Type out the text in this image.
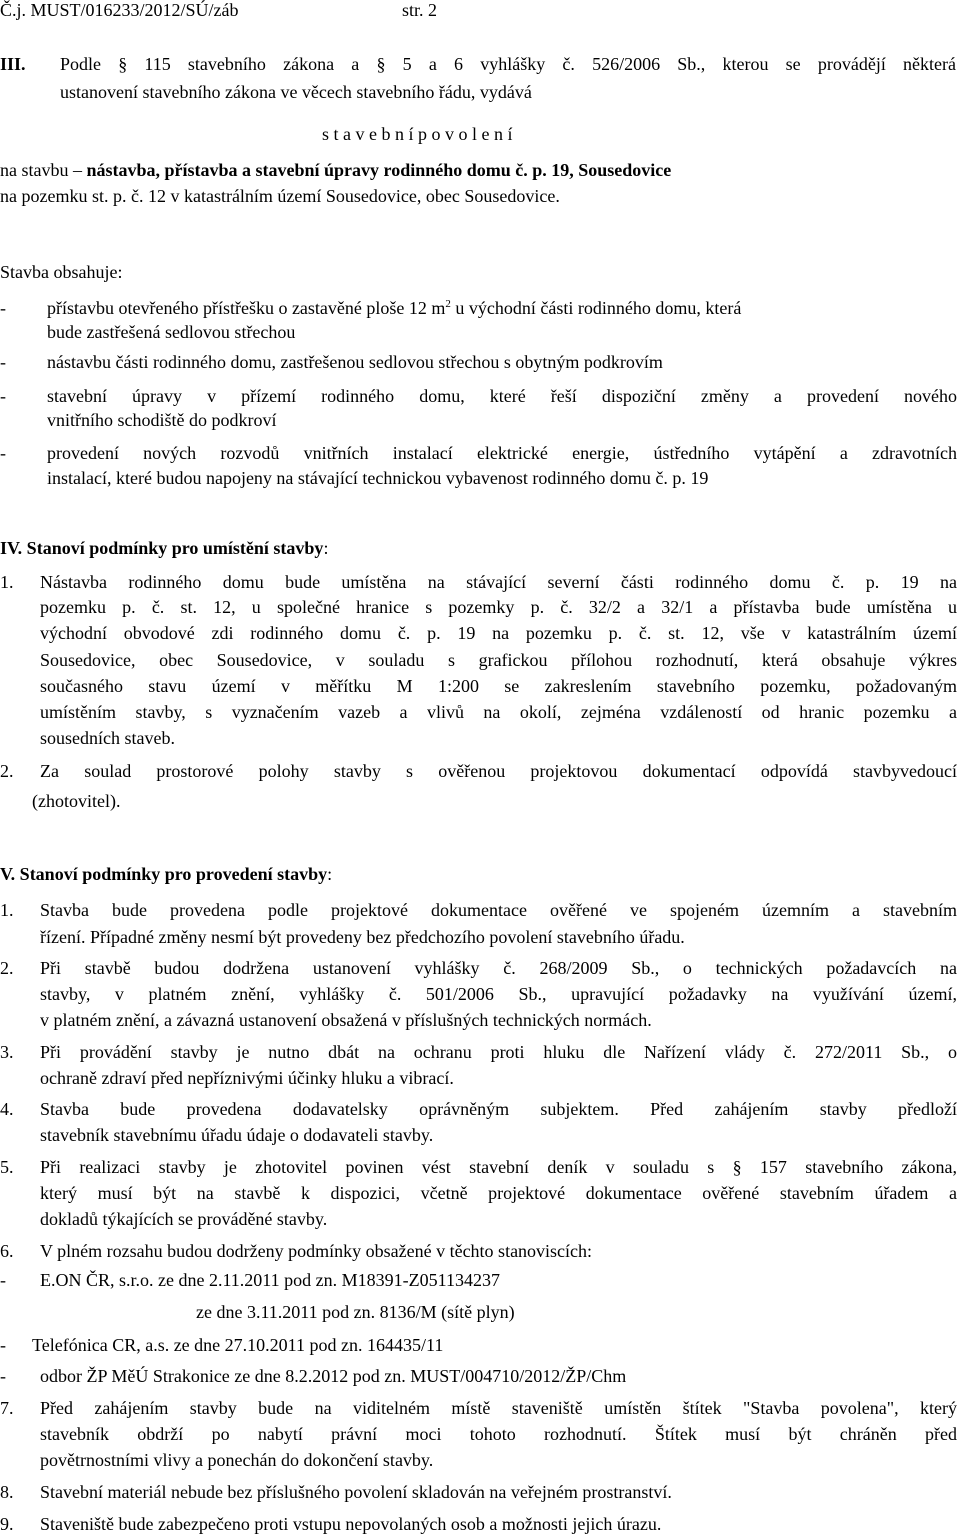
Č.j. MUST/016233/2012/SÚ/záb	str. 2
III. Podle § 115 stavebního zákona a § 5 a 6 vyhlášky č. 526/2006 Sb., kterou se provádějí některá
ustanovení stavebního zákona ve věcech stavebního řádu, vydává
s t a v e b n í p o v o l e n í
na stavbu – nástavba, přístavba a stavební úpravy rodinného domu č. p. 19, Sousedovice
na pozemku st. p. č. 12 v katastrálním území Sousedovice, obec Sousedovice.
Stavba obsahuje:
- přístavbu otevřeného přístřešku o zastavěné ploše 12 $m^2$ u východní části rodinného domu, která
bude zastřešená sedlovou střechou
- nástavbu části rodinného domu, zastřešenou sedlovou střechou s obytným podkrovím
- stavební úpravy v přízemí rodinného domu, které řeší dispoziční změny a provedení nového
vnitřního schodiště do podkroví
- provedení nových rozvodů vnitřních instalací elektrické energie, ústředního vytápění a zdravotních
instalací, které budou napojeny na stávající technickou vybavenost rodinného domu č. p. 19
IV. Stanoví podmínky pro umístění stavby:
1. Nástavba rodinného domu bude umístěna na stávající severní části rodinného domu č. p. 19 na
pozemku p. č. st. 12, u společné hranice s pozemky p. č. 32/2 a 32/1 a přístavba bude umístěna u
východní obvodové zdi rodinného domu č. p. 19 na pozemku p. č. st. 12, vše v katastrálním území
Sousedovice, obec Sousedovice, v souladu s grafickou přílohou rozhodnutí, která obsahuje výkres
současného stavu území v měřítku M 1:200 se zakreslením stavebního pozemku, požadovaným
umístěním stavby, s vyznačením vazeb a vlivů na okolí, zejména vzdáleností od hranic pozemku a
sousedních staveb.
2. Za soulad prostorové polohy stavby s ověřenou projektovou dokumentací odpovídá stavbyvedoucí
(zhotovitel).
V. Stanoví podmínky pro provedení stavby:
1. Stavba bude provedena podle projektové dokumentace ověřené ve spojeném územním a stavebním
řízení. Případné změny nesmí být provedeny bez předchozího povolení stavebního úřadu.
2. Při stavbě budou dodržena ustanovení vyhlášky č. 268/2009 Sb., o technických požadavcích na
stavby, v platném znění, vyhlášky č. 501/2006 Sb., upravující požadavky na využívání území,
v platném znění, a závazná ustanovení obsažená v příslušných technických normách.
3. Při provádění stavby je nutno dbát na ochranu proti hluku dle Nařízení vlády č. 272/2011 Sb., o
ochraně zdraví před nepříznivými účinky hluku a vibrací.
4. Stavba bude provedena dodavatelsky oprávněným subjektem. Před zahájením stavby předloží
stavebník stavebnímu úřadu údaje o dodavateli stavby.
5. Při realizaci stavby je zhotovitel povinen vést stavební deník v souladu s § 157 stavebního zákona,
který musí být na stavbě k dispozici, včetně projektové dokumentace ověřené stavebním úřadem a
dokladů týkajících se prováděné stavby.
6. V plném rozsahu budou dodrženy podmínky obsažené v těchto stanoviscích:
- E.ON ČR, s.r.o. ze dne 2.11.2011 pod zn. M18391-Z051134237
ze dne 3.11.2011 pod zn. 8136/M (sítě plyn)
- Telefónica CR, a.s. ze dne 27.10.2011 pod zn. 164435/11
- odbor ŽP MěÚ Strakonice ze dne 8.2.2012 pod zn. MUST/004710/2012/ŽP/Chm
7. Před zahájením stavby bude na viditelném místě staveniště umístěn štítek "Stavba povolena", který
stavebník obdrží po nabytí právní moci tohoto rozhodnutí. Štítek musí být chráněn před
povětrnostními vlivy a ponechán do dokončení stavby.
8. Stavební materiál nebude bez příslušného povolení skladován na veřejném prostranství.
9. Staveniště bude zabezpečeno proti vstupu nepovolaných osob a možnosti jejich úrazu.
